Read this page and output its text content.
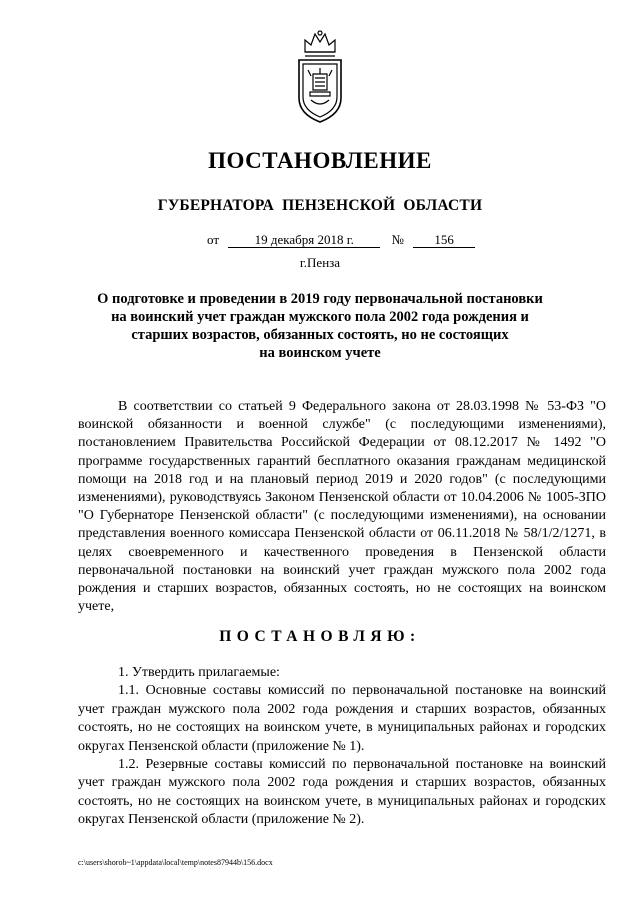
ПОСТАНОВЛЕНИЕ
ГУБЕРНАТОРА ПЕНЗЕНСКОЙ ОБЛАСТИ
от	19 декабря 2018 г.	№ 156
г.Пенза
О подготовке и проведении в 2019 году первоначальной постановки
на воинский учет граждан мужского пола 2002 года рождения и
старших возрастов, обязанных состоять, но не состоящих
на воинском учете

В соответствии со статьей 9 Федерального закона от 28.03.1998 № 53-ФЗ "О воинской обязанности и военной службе" (с последующими изменениями), постановлением Правительства Российской Федерации от 08.12.2017 № 1492 "О программе государственных гарантий бесплатного оказания гражданам медицинской помощи на 2018 год и на плановый период 2019 и 2020 годов" (с последующими изменениями), руководствуясь Законом Пензенской области от 10.04.2006 № 1005-ЗПО "О Губернаторе Пензенской области" (с последующими изменениями), на основании представления военного комиссара Пензенской области от 06.11.2018 № 58/1/2/1271, в целях своевременного и качественного проведения в Пензенской области первоначальной постановки на воинский учет граждан мужского пола 2002 года рождения и старших возрастов, обязанных состоять, но не состоящих на воинском учете,

ПОСТАНОВЛЯЮ:

1. Утвердить прилагаемые:

1.1. Основные составы комиссий по первоначальной постановке на воинский учет граждан мужского пола 2002 года рождения и старших возрастов, обязанных состоять, но не состоящих на воинском учете, в муниципальных районах и городских округах Пензенской области (приложение № 1).

1.2. Резервные составы комиссий по первоначальной постановке на воинский учет граждан мужского пола 2002 года рождения и старших возрастов, обязанных состоять, но не состоящих на воинском учете, в муниципальных районах и городских округах Пензенской области (приложение № 2).

c:\users\shorob~1\appdata\local\temp\notes87944b\156.docx
